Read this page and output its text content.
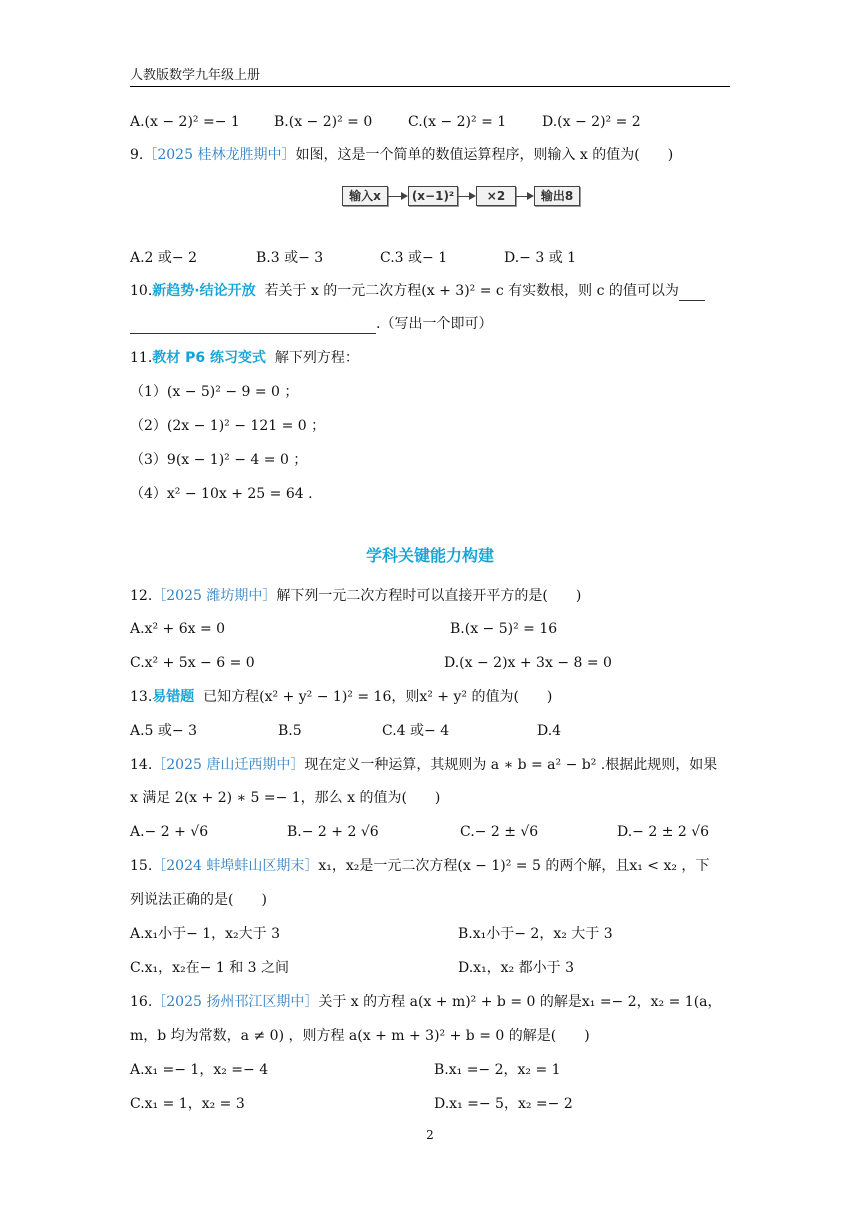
人教版数学九年级上册
A.(x − 2)² =− 1 B.(x − 2)² = 0	C.(x − 2)² = 1	D.(x − 2)² = 2
9.［2025 桂林龙胜期中］如图，这是一个简单的数值运算程序，则输入 x 的值为(　　)
输入x	(x−1)²	×2	输出8
A.2 或− 2	B.3 或− 3	C.3 或− 1	D.− 3 或 1
10.新趋势·结论开放 若关于 x 的一元二次方程(x + 3)² = c 有实数根，则 c 的值可以为
.（写出一个即可）
11.教材 P6 练习变式 解下列方程：
（1）(x − 5)² − 9 = 0 ；
（2）(2x − 1)² − 121 = 0 ；
（3）9(x − 1)² − 4 = 0 ；
（4）x² − 10x + 25 = 64 .
学科关键能力构建
12.［2025 潍坊期中］解下列一元二次方程时可以直接开平方的是(　　)
A.x² + 6x = 0	B.(x − 5)² = 16
C.x² + 5x − 6 = 0	D.(x − 2)x + 3x − 8 = 0
13.易错题 已知方程(x² + y² − 1)² = 16，则x² + y² 的值为(　　)
A.5 或− 3	B.5	C.4 或− 4	D.4
14.［2025 唐山迁西期中］现在定义一种运算，其规则为 a ∗ b = a² − b² .根据此规则，如果
x 满足 2(x + 2) ∗ 5 =− 1，那么 x 的值为(　　)
A.− 2 + √6	B.− 2 + 2 √6	C.− 2 ± √6	D.− 2 ± 2 √6
15.［2024 蚌埠蚌山区期末］x₁，x₂是一元二次方程(x − 1)² = 5 的两个解，且x₁ < x₂ ，下
列说法正确的是(　　)
A.x₁小于− 1，x₂大于 3	B.x₁小于− 2，x₂ 大于 3
C.x₁，x₂在− 1 和 3 之间	D.x₁，x₂ 都小于 3
16.［2025 扬州邗江区期中］关于 x 的方程 a(x + m)² + b = 0 的解是x₁ =− 2，x₂ = 1(a，
m，b 均为常数，a ≠ 0) ，则方程 a(x + m + 3)² + b = 0 的解是(　　)
A.x₁ =− 1，x₂ =− 4	B.x₁ =− 2，x₂ = 1
C.x₁ = 1，x₂ = 3	D.x₁ =− 5，x₂ =− 2
2
